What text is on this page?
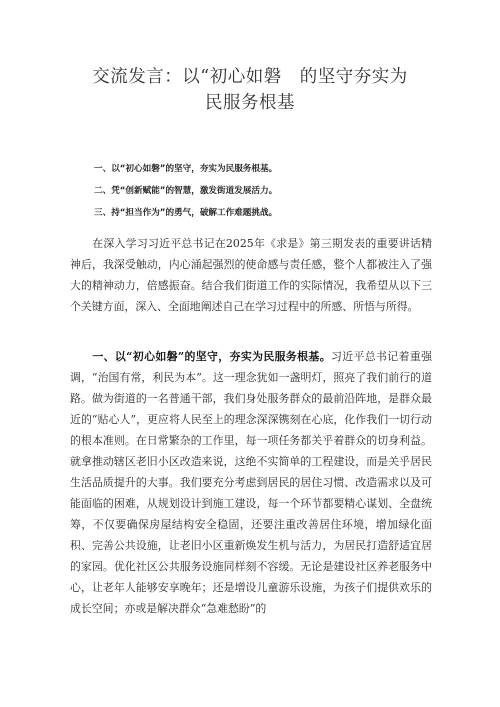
交流发言：以“初心如磐 的坚守夯实为
民服务根基
一、以“初心如磐”的坚守，夯实为民服务根基。
二、凭“创新赋能”的智慧，激发街道发展活力。
三、持“担当作为”的勇气，破解工作难题挑战。
在深入学习习近平总书记在2025年《求是》第三期发表的重要讲话精神后，我深受触动，内心涌起强烈的使命感与责任感，整个人都被注入了强大的精神动力，倍感振奋。结合我们街道工作的实际情况，我希望从以下三个关键方面，深入、全面地阐述自己在学习过程中的所感、所悟与所得。
一、以“初心如磐”的坚守，夯实为民服务根基。习近平总书记着重强调，“治国有常，利民为本”。这一理念犹如一盏明灯，照亮了我们前行的道路。做为街道的一名普通干部，我们身处服务群众的最前沿阵地，是群众最近的“贴心人”，更应将人民至上的理念深深镌刻在心底，化作我们一切行动的根本准则。在日常繁杂的工作里，每一项任务都关乎着群众的切身利益。就拿推动辖区老旧小区改造来说，这绝不实简单的工程建设，而是关乎居民生活品质提升的大事。我们要充分考虑到居民的居住习惯、改造需求以及可能面临的困难，从规划设计到施工建设，每一个环节都要精心谋划、全盘统筹，不仅要确保房屋结构安全稳固，还要注重改善居住环境，增加绿化面积、完善公共设施，让老旧小区重新焕发生机与活力，为居民打造舒适宜居的家园。优化社区公共服务设施同样刻不容缓。无论是建设社区养老服务中心，让老年人能够安享晚年；还是增设儿童游乐设施，为孩子们提供欢乐的成长空间；亦或是解决群众“急难愁盼”的
